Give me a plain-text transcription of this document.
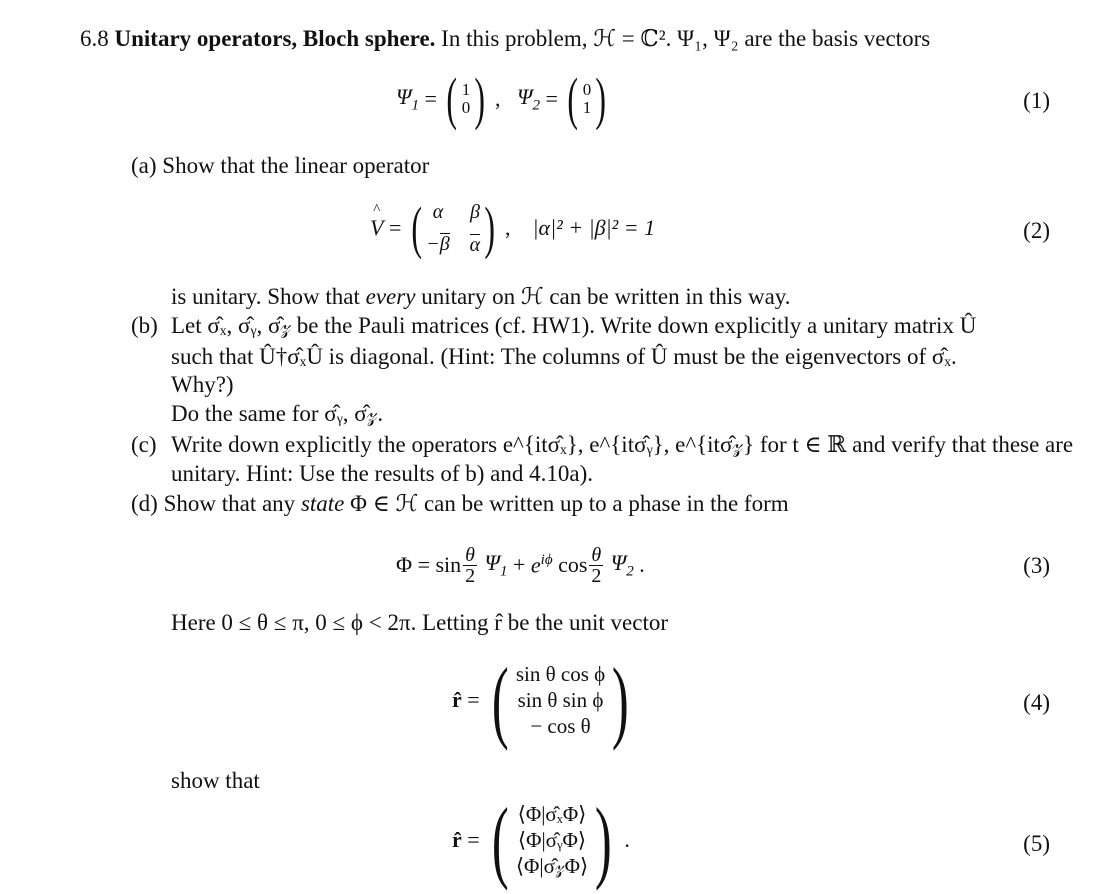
6.8 Unitary operators, Bloch sphere. In this problem, ℋ = ℂ². Ψ₁, Ψ₂ are the basis vectors
$\Psi_1$ = ( 1
0 ) , $\Psi_2$ = ( 0
1 )	(1)
(a) Show that the linear operator
^ V = ( α	β
−β α ) , |α|² + |β|² = 1	(2)
is unitary. Show that every unitary on ℋ can be written in this way.
(b) Let σ̂ₓ, σ̂ᵧ, σ̂𝓏 be the Pauli matrices (cf. HW1). Write down explicitly a unitary matrix Û
such that Û†σ̂ₓÛ is diagonal. (Hint: The columns of Û must be the eigenvectors of σ̂ₓ.
Why?)
Do the same for σ̂ᵧ, σ̂𝓏.
(c) Write down explicitly the operators e^{itσ̂ₓ}, e^{itσ̂ᵧ}, e^{itσ̂𝓏} for t ∈ ℝ and verify that these are
unitary. Hint: Use the results of b) and 4.10a).
(d) Show that any state Φ ∈ ℋ can be written up to a phase in the form
$\Phi = \sin \frac{\theta}{2} \Psi_1 + e^{i\phi}$ $\cos \frac{\theta}{2} \Psi_2$ .	(3)
Here 0 ≤ θ ≤ π, 0 ≤ ϕ < 2π. Letting r̂ be the unit vector
r̂ = ( sin θ cos ϕ
sin θ sin ϕ
− cos θ )	(4)
show that
r̂ = ( ⟨Φ|σ̂ₓΦ⟩
⟨Φ|σ̂ᵧΦ⟩
⟨Φ|σ̂𝓏Φ⟩ ) .	(5)
